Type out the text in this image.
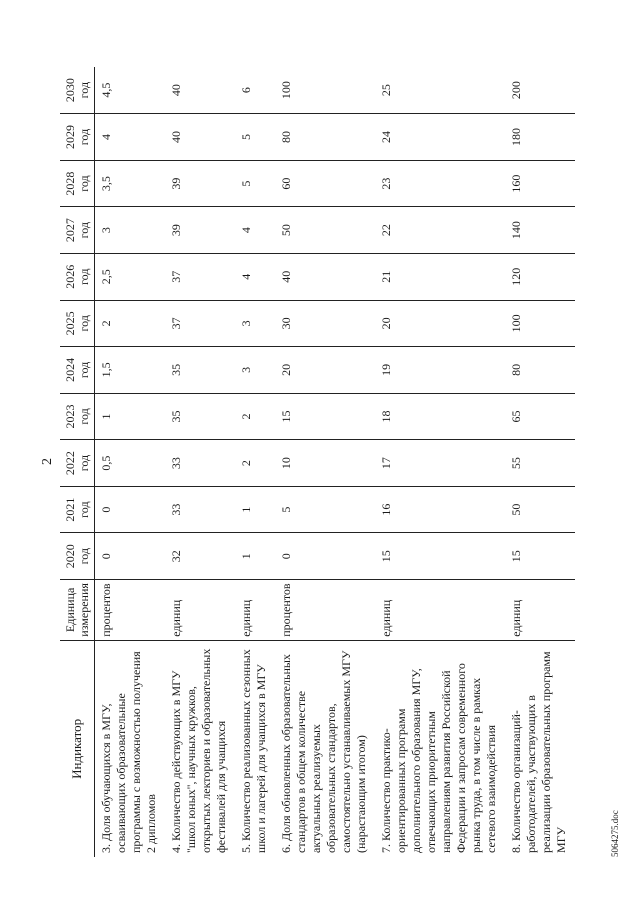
2
Индикатор	Единица измерения	2020 год	2021 год	2022 год	2023 год	2024 год	2025 год	2026 год	2027 год	2028 год	2029 год	2030 год
3. Доля обучающихся в МГУ, осваивающих образовательные программы с возможностью получения 2 дипломов	процентов	0	0	0,5	1	1,5	2	2,5	3	3,5	4	4,5
4. Количество действующих в МГУ "школ юных", научных кружков, открытых лекториев и образовательных фестивалей для учащихся	единиц	32	33	33	35	35	37	37	39	39	40	40
5. Количество реализованных сезонных школ и лагерей для учащихся в МГУ	единиц	1	1	2	2	3	3	4	4	5	5	6
6. Доля обновленных образовательных стандартов в общем количестве актуальных реализуемых образовательных стандартов, самостоятельно устанавливаемых МГУ (нарастающим итогом)	процентов	0	5	10	15	20	30	40	50	60	80	100
7. Количество практико-ориентированных программ дополнительного образования МГУ, отвечающих приоритетным направлениям развития Российской Федерации и запросам современного рынка труда, в том числе в рамках сетевого взаимодействия	единиц	15	16	17	18	19	20	21	22	23	24	25
8. Количество организаций-работодателей, участвующих в реализации образовательных программ МГУ	единиц	15	50	55	65	80	100	120	140	160	180	200
5064275.doc
